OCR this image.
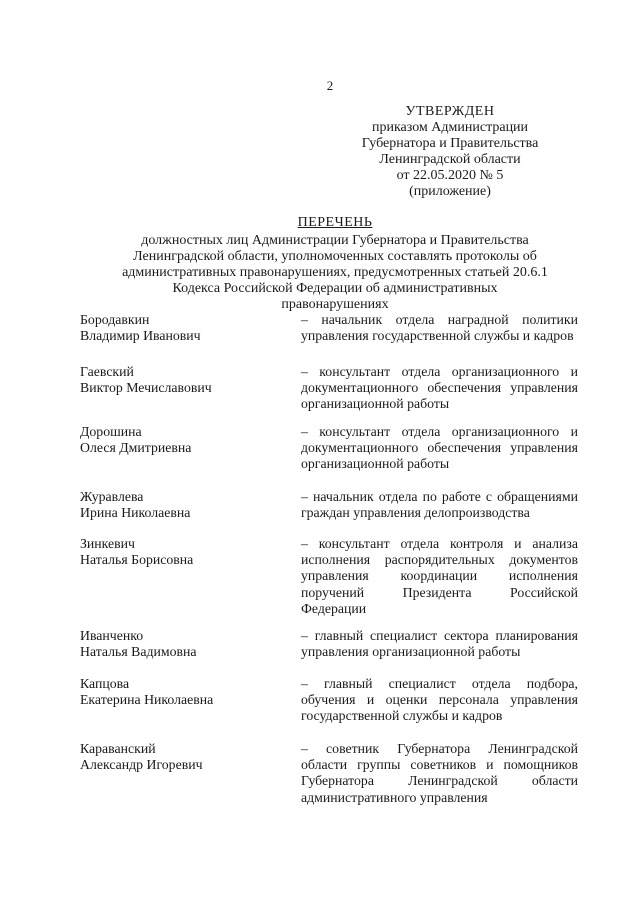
2
УТВЕРЖДЕН
приказом Администрации
Губернатора и Правительства
Ленинградской области
от 22.05.2020 № 5
(приложение)
ПЕРЕЧЕНЬ
должностных лиц Администрации Губернатора и Правительства
Ленинградской области, уполномоченных составлять протоколы об
административных правонарушениях, предусмотренных статьей 20.6.1
Кодекса Российской Федерации об административных правонарушениях
Бородавкин
Владимир Иванович
– начальник отдела наградной политики
управления государственной службы и кадров
Гаевский
Виктор Мечиславович
– консультант отдела организационного и
документационного обеспечения управления
организационной работы
Дорошина
Олеся Дмитриевна
– консультант отдела организационного и
документационного обеспечения управления
организационной работы
Журавлева
Ирина Николаевна
– начальник отдела по работе с обращениями
граждан управления делопроизводства
Зинкевич
Наталья Борисовна
– консультант отдела контроля и анализа
исполнения распорядительных документов
управления координации исполнения
поручений Президента Российской
Федерации
Иванченко
Наталья Вадимовна
– главный специалист сектора планирования
управления организационной работы
Капцова
Екатерина Николаевна
– главный специалист отдела подбора,
обучения и оценки персонала управления
государственной службы и кадров
Караванский
Александр Игоревич
– советник Губернатора Ленинградской
области группы советников и помощников
Губернатора Ленинградской области
административного управления
